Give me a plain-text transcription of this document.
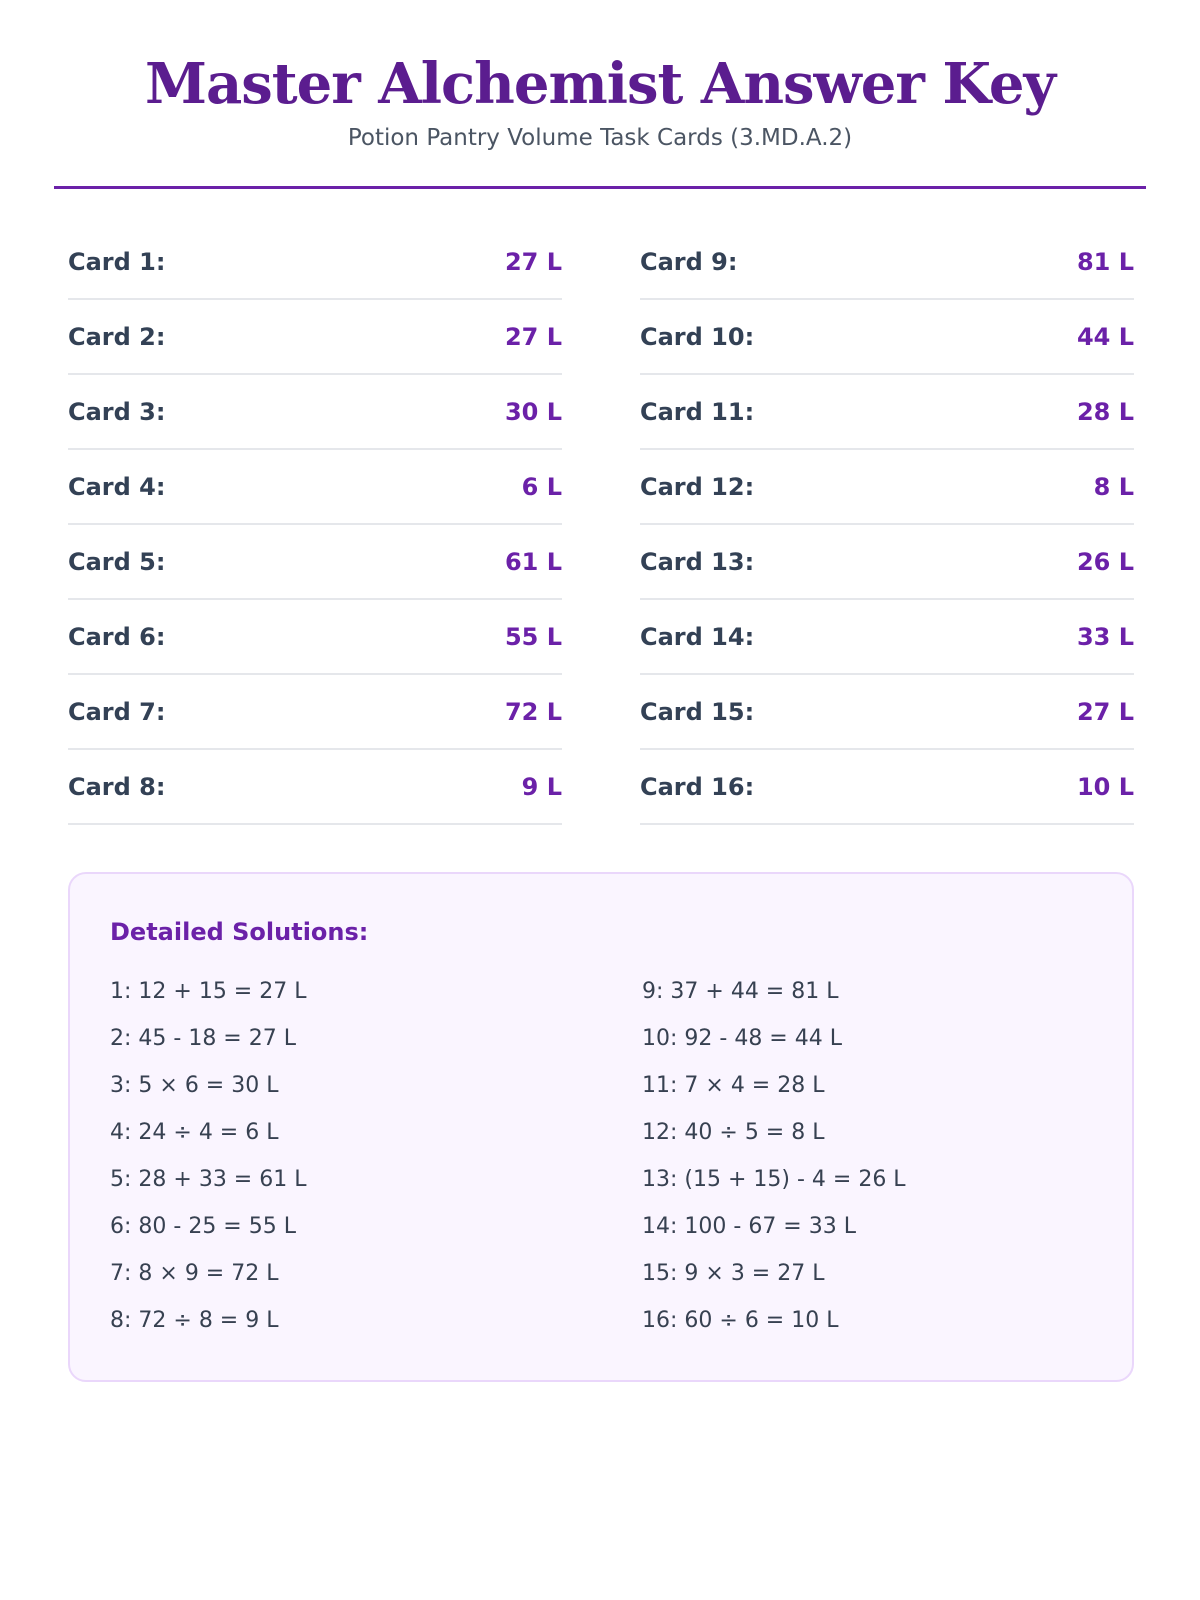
Master Alchemist Answer Key
Potion Pantry Volume Task Cards (3.MD.A.2)
Card 1:	27 L
Card 2:	27 L
Card 3:	30 L
Card 4:	6 L
Card 5:	61 L
Card 6:	55 L
Card 7:	72 L
Card 8:	9 L
Card 9:	81 L
Card 10:	44 L
Card 11:	28 L
Card 12:	8 L
Card 13:	26 L
Card 14:	33 L
Card 15:	27 L
Card 16:	10 L
Detailed Solutions:
1: 12 + 15 = 27 L
2: 45 - 18 = 27 L
3: 5 × 6 = 30 L
4: 24 ÷ 4 = 6 L
5: 28 + 33 = 61 L
6: 80 - 25 = 55 L
7: 8 × 9 = 72 L
8: 72 ÷ 8 = 9 L
9: 37 + 44 = 81 L
10: 92 - 48 = 44 L
11: 7 × 4 = 28 L
12: 40 ÷ 5 = 8 L
13: (15 + 15) - 4 = 26 L
14: 100 - 67 = 33 L
15: 9 × 3 = 27 L
16: 60 ÷ 6 = 10 L
